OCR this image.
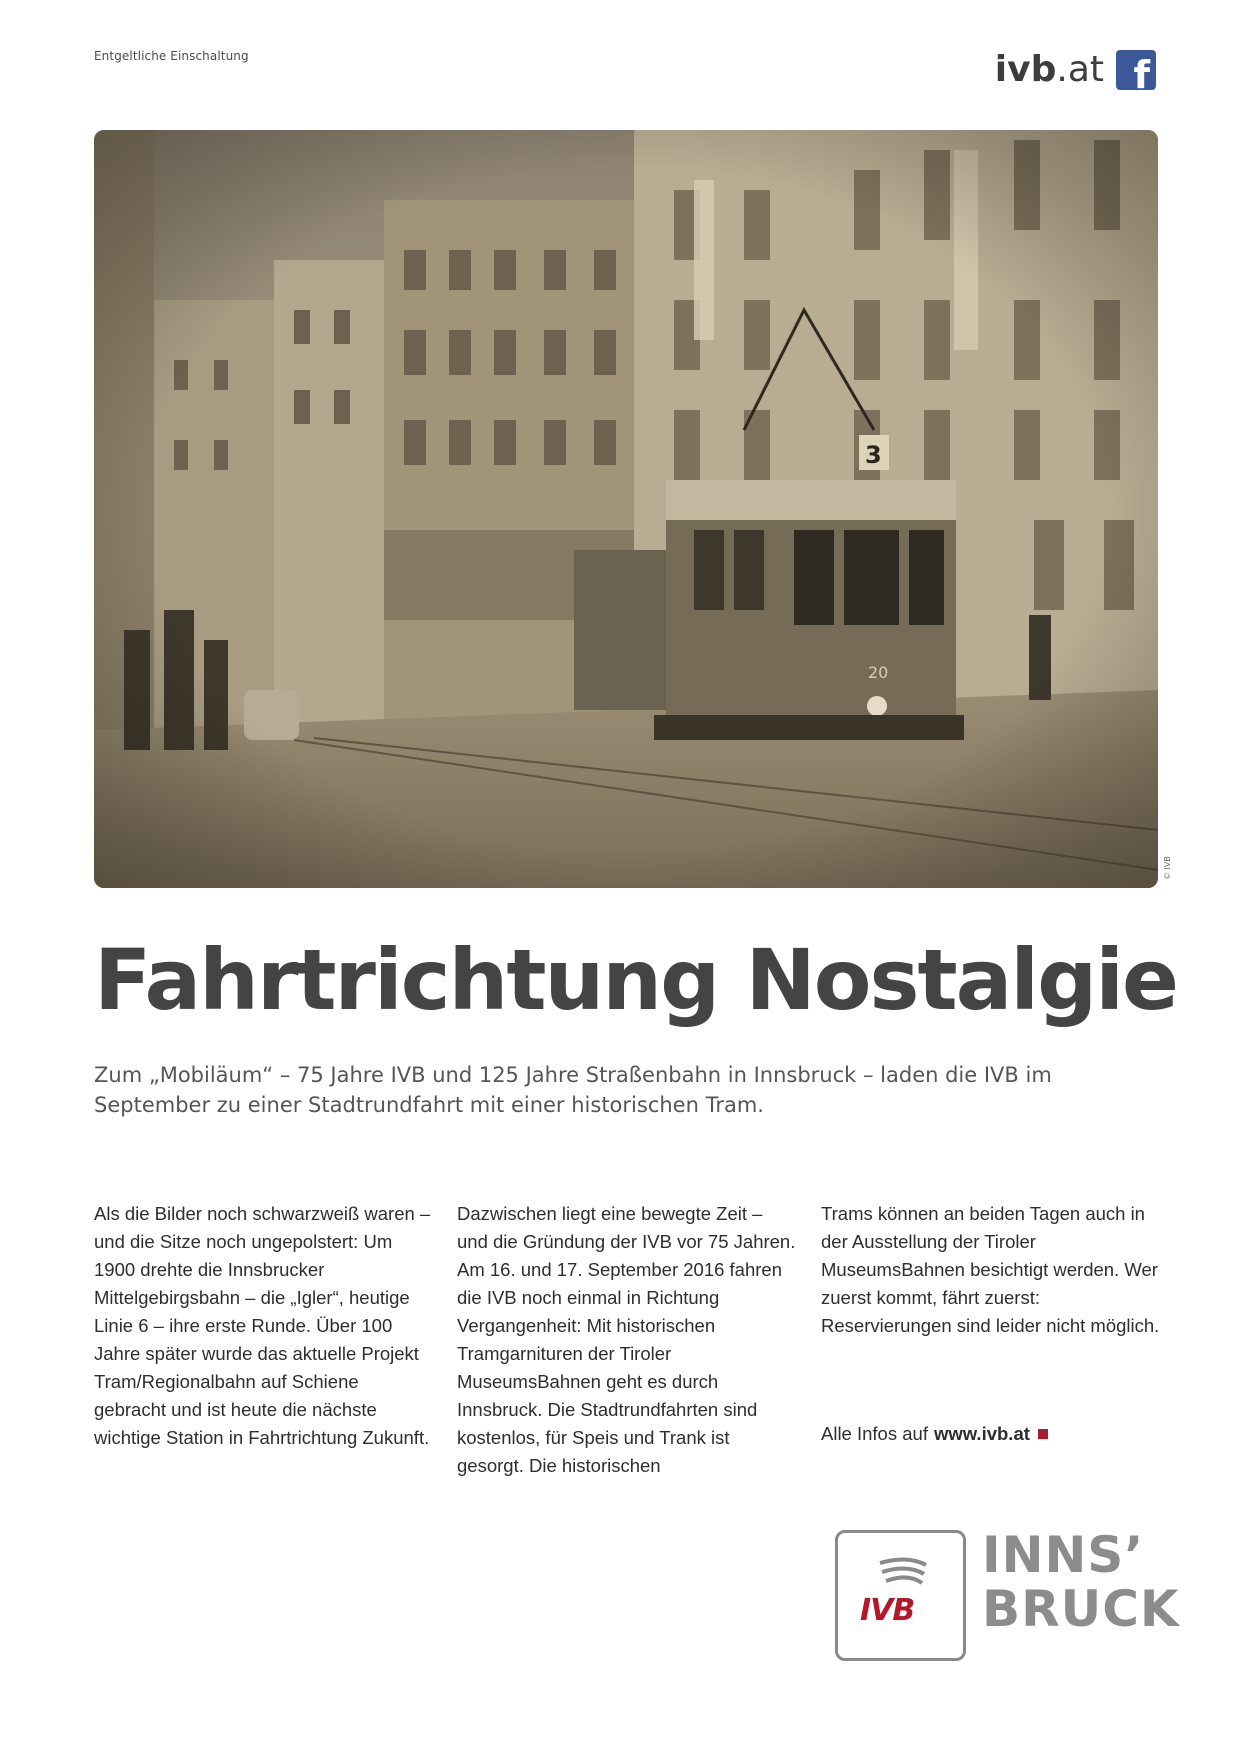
Entgeltliche Einschaltung	ivb.at f
© IVB
Fahrtrichtung Nostalgie

Zum „Mobiläum“ – 75 Jahre IVB und 125 Jahre Straßenbahn in Innsbruck – laden die IVB im September zu einer Stadtrundfahrt mit einer historischen Tram.

Als die Bilder noch schwarzweiß waren – und die Sitze noch ungepolstert: Um 1900 drehte die Innsbrucker Mittelgebirgsbahn – die „Igler“, heutige Linie 6 – ihre erste Runde. Über 100 Jahre später wurde das aktuelle Projekt Tram/Regionalbahn auf Schiene gebracht und ist heute die nächste wichtige Station in Fahrtrichtung Zukunft.

Dazwischen liegt eine bewegte Zeit – und die Gründung der IVB vor 75 Jahren. Am 16. und 17. September 2016 fahren die IVB noch einmal in Richtung Vergangenheit: Mit historischen Tramgarnituren der Tiroler MuseumsBahnen geht es durch Innsbruck. Die Stadtrundfahrten sind kostenlos, für Speis und Trank ist gesorgt. Die historischen

Trams können an beiden Tagen auch in der Ausstellung der Tiroler MuseumsBahnen besichtigt werden. Wer zuerst kommt, fährt zuerst: Reservierungen sind leider nicht möglich.

Alle Infos auf www.ivb.at
IVB
INNS’
BRUCK
